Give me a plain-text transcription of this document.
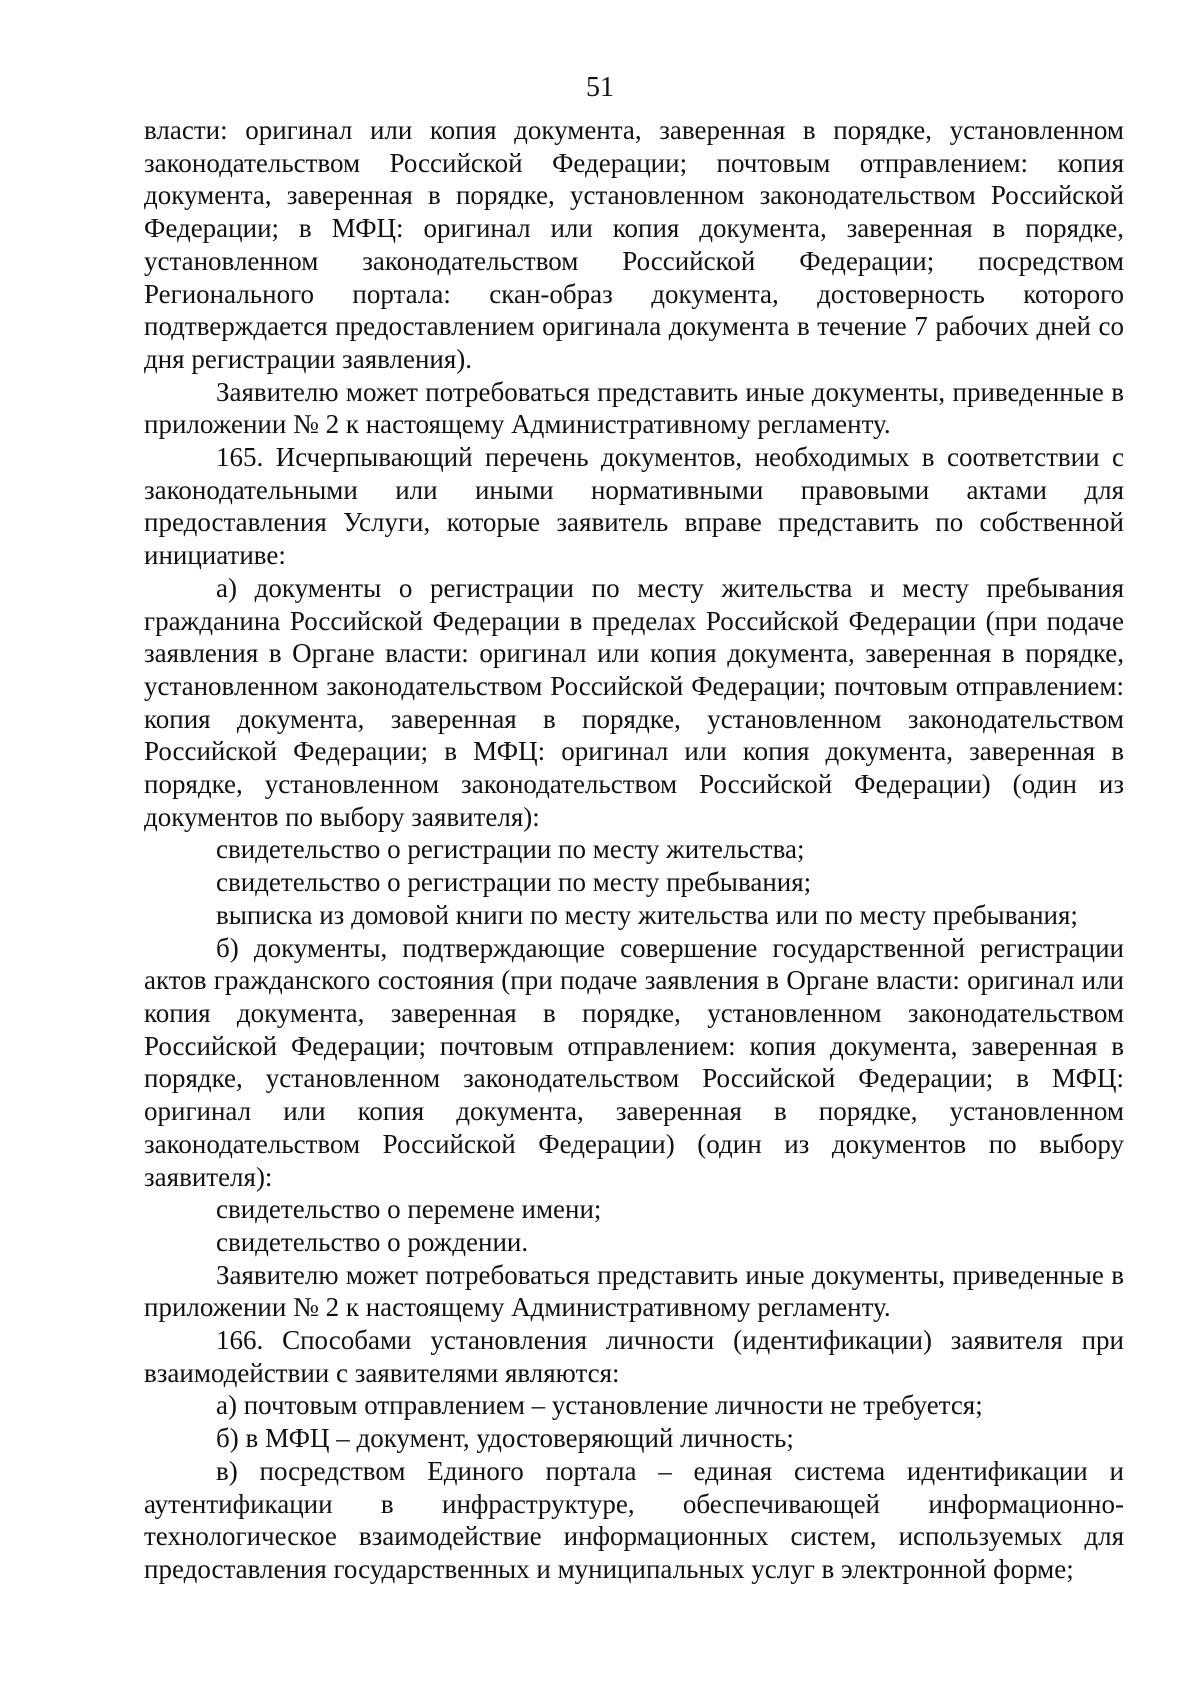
51

власти: оригинал или копия документа, заверенная в порядке, установленном законодательством Российской Федерации; почтовым отправлением: копия документа, заверенная в порядке, установленном законодательством Российской Федерации; в МФЦ: оригинал или копия документа, заверенная в порядке, установленном законодательством Российской Федерации; посредством Регионального портала: скан-образ документа, достоверность которого подтверждается предоставлением оригинала документа в течение 7 рабочих дней со дня регистрации заявления).

Заявителю может потребоваться представить иные документы, приведенные в приложении № 2 к настоящему Административному регламенту.

165. Исчерпывающий перечень документов, необходимых в соответствии с законодательными или иными нормативными правовыми актами для предоставления Услуги, которые заявитель вправе представить по собственной инициативе:

а) документы о регистрации по месту жительства и месту пребывания гражданина Российской Федерации в пределах Российской Федерации (при подаче заявления в Органе власти: оригинал или копия документа, заверенная в порядке, установленном законодательством Российской Федерации; почтовым отправлением: копия документа, заверенная в порядке, установленном законодательством Российской Федерации; в МФЦ: оригинал или копия документа, заверенная в порядке, установленном законодательством Российской Федерации) (один из документов по выбору заявителя):

свидетельство о регистрации по месту жительства;

свидетельство о регистрации по месту пребывания;

выписка из домовой книги по месту жительства или по месту пребывания;

б) документы, подтверждающие совершение государственной регистрации актов гражданского состояния (при подаче заявления в Органе власти: оригинал или копия документа, заверенная в порядке, установленном законодательством Российской Федерации; почтовым отправлением: копия документа, заверенная в порядке, установленном законодательством Российской Федерации; в МФЦ: оригинал или копия документа, заверенная в порядке, установленном законодательством Российской Федерации) (один из документов по выбору заявителя):

свидетельство о перемене имени;

свидетельство о рождении.

Заявителю может потребоваться представить иные документы, приведенные в приложении № 2 к настоящему Административному регламенту.

166. Способами установления личности (идентификации) заявителя при взаимодействии с заявителями являются:

а) почтовым отправлением – установление личности не требуется;

б) в МФЦ – документ, удостоверяющий личность;

в) посредством Единого портала – единая система идентификации и аутентификации в инфраструктуре, обеспечивающей информационно-технологическое взаимодействие информационных систем, используемых для предоставления государственных и муниципальных услуг в электронной форме;
